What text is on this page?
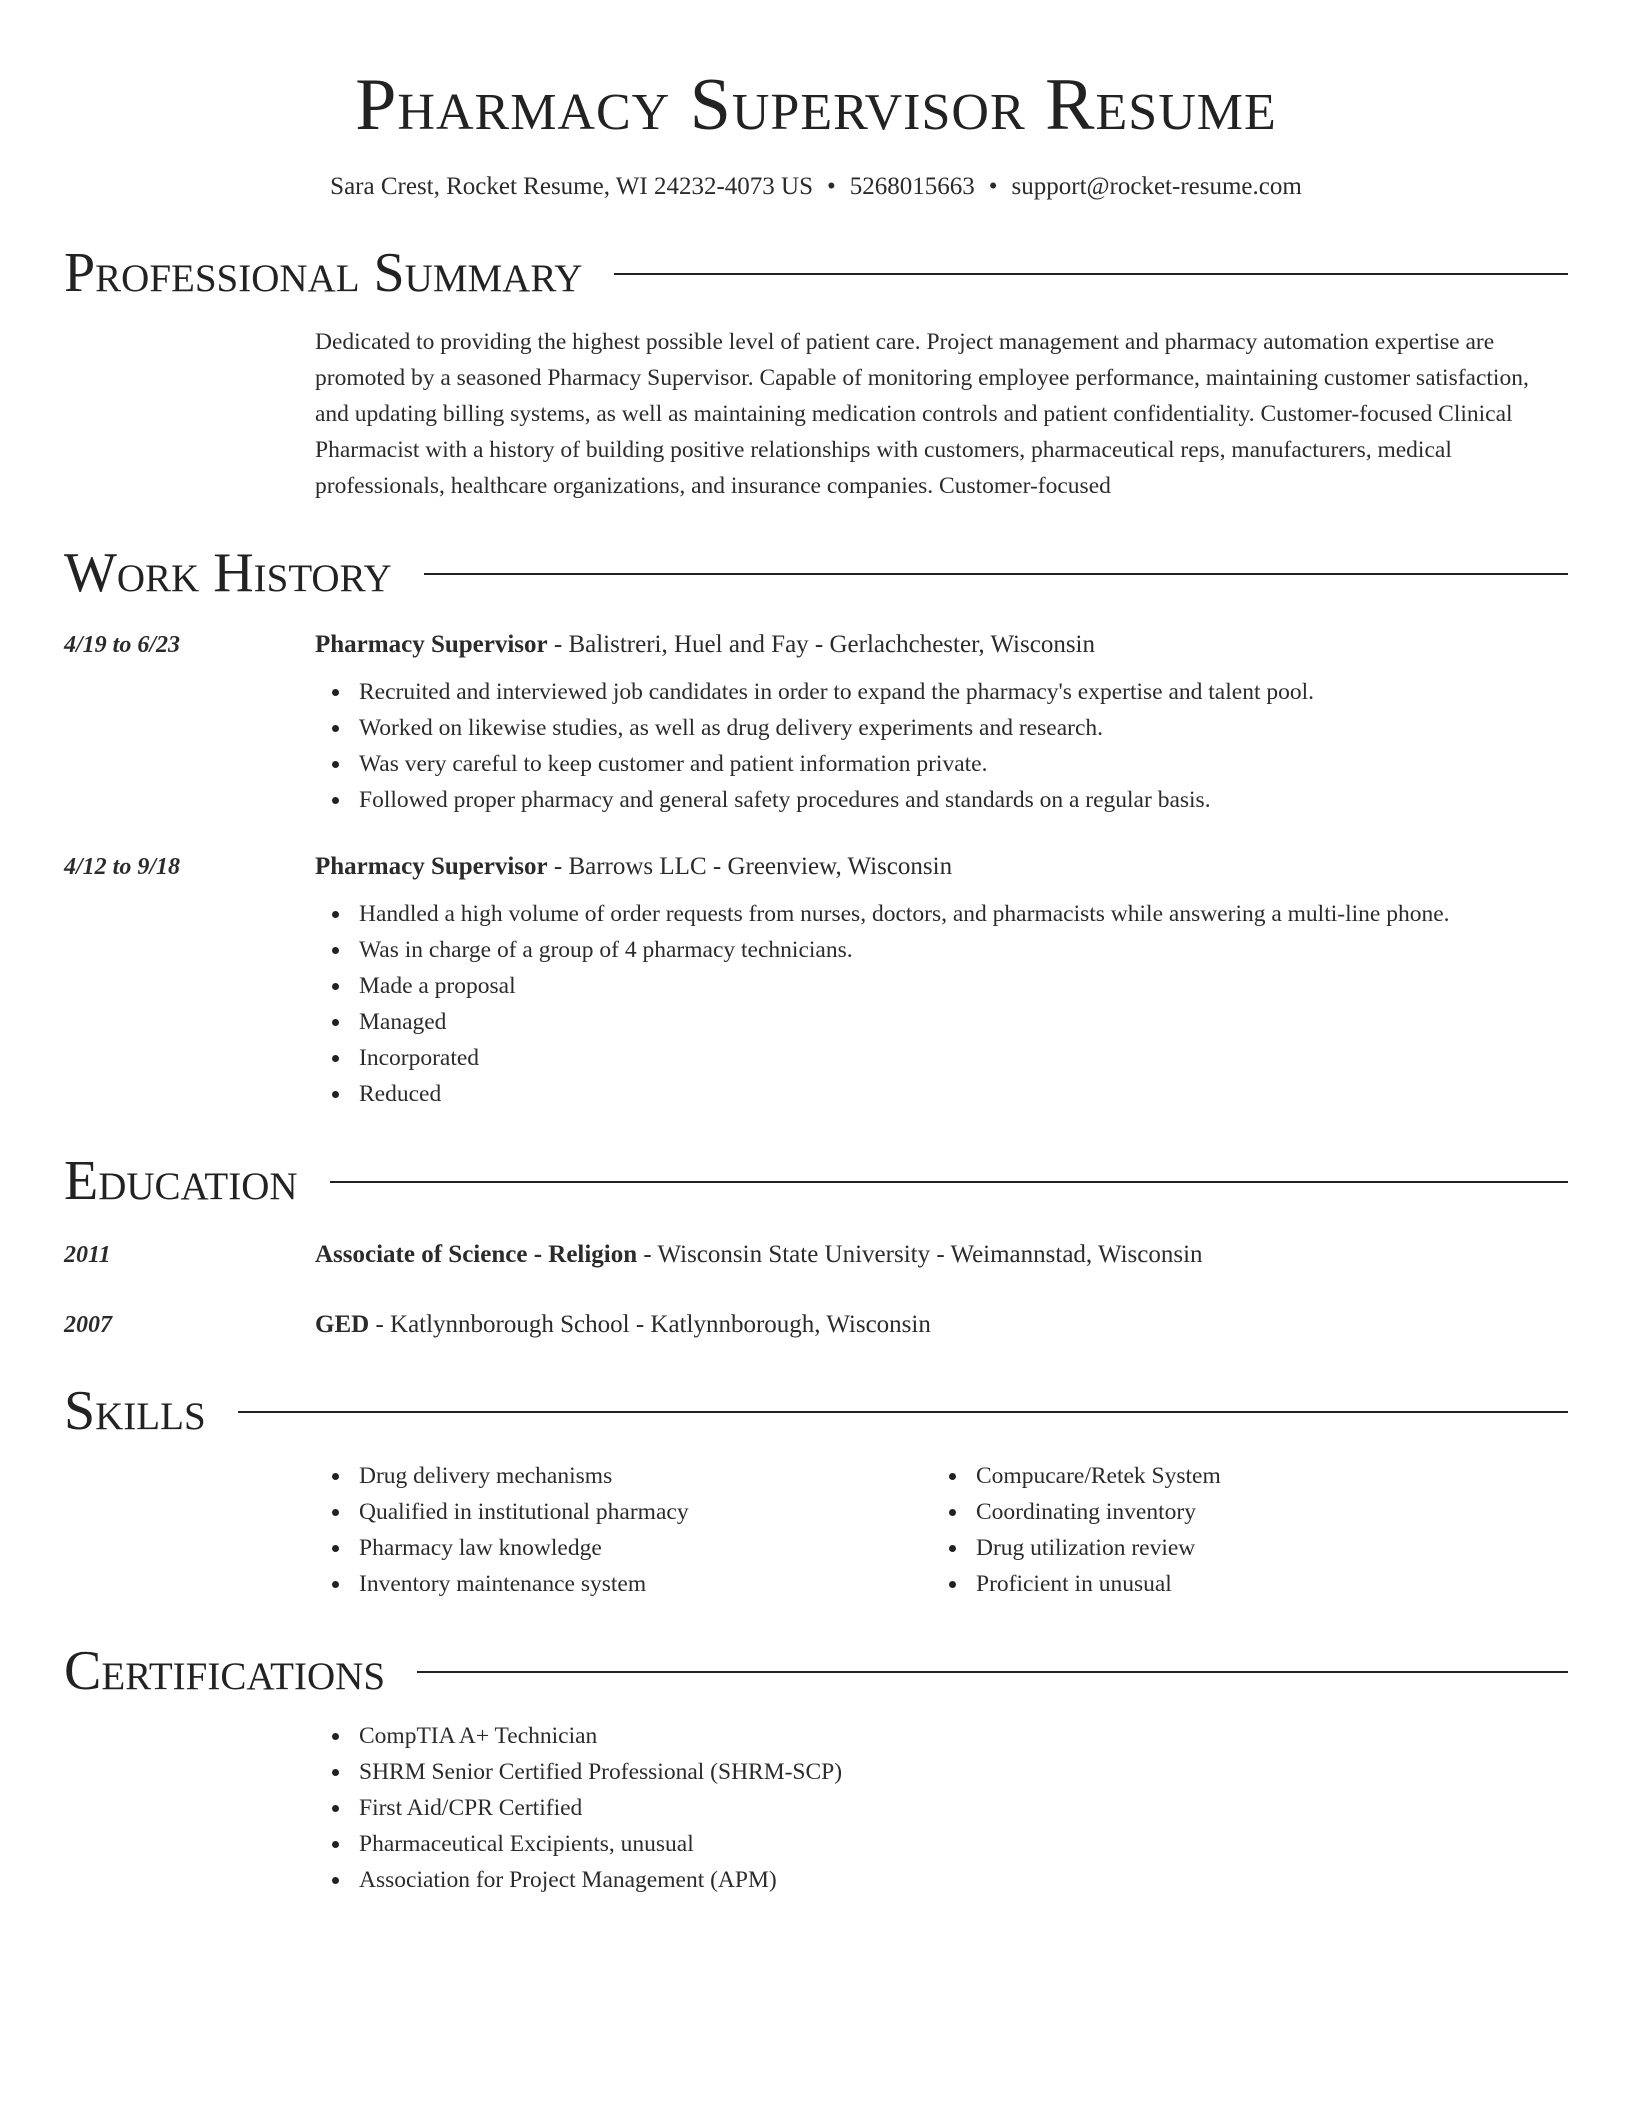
Pharmacy Supervisor Resume
Sara Crest, Rocket Resume, WI 24232-4073 US • 5268015663 • support@rocket-resume.com
Professional Summary
Dedicated to providing the highest possible level of patient care. Project management and pharmacy automation expertise are promoted by a seasoned Pharmacy Supervisor. Capable of monitoring employee performance, maintaining customer satisfaction, and updating billing systems, as well as maintaining medication controls and patient confidentiality. Customer-focused Clinical Pharmacist with a history of building positive relationships with customers, pharmaceutical reps, manufacturers, medical professionals, healthcare organizations, and insurance companies. Customer-focused
Work History
4/19 to 6/23	Pharmacy Supervisor - Balistreri, Huel and Fay - Gerlachchester, Wisconsin
Recruited and interviewed job candidates in order to expand the pharmacy's expertise and talent pool.
Worked on likewise studies, as well as drug delivery experiments and research.
Was very careful to keep customer and patient information private.
Followed proper pharmacy and general safety procedures and standards on a regular basis.
4/12 to 9/18	Pharmacy Supervisor - Barrows LLC - Greenview, Wisconsin
Handled a high volume of order requests from nurses, doctors, and pharmacists while answering a multi-line phone.
Was in charge of a group of 4 pharmacy technicians.
Made a proposal
Managed
Incorporated
Reduced
Education
2011	Associate of Science - Religion - Wisconsin State University - Weimannstad, Wisconsin
2007	GED - Katlynnborough School - Katlynnborough, Wisconsin
Skills
Drug delivery mechanisms
Qualified in institutional pharmacy
Pharmacy law knowledge
Inventory maintenance system
Compucare/Retek System
Coordinating inventory
Drug utilization review
Proficient in unusual
Certifications
CompTIA A+ Technician
SHRM Senior Certified Professional (SHRM-SCP)
First Aid/CPR Certified
Pharmaceutical Excipients, unusual
Association for Project Management (APM)
